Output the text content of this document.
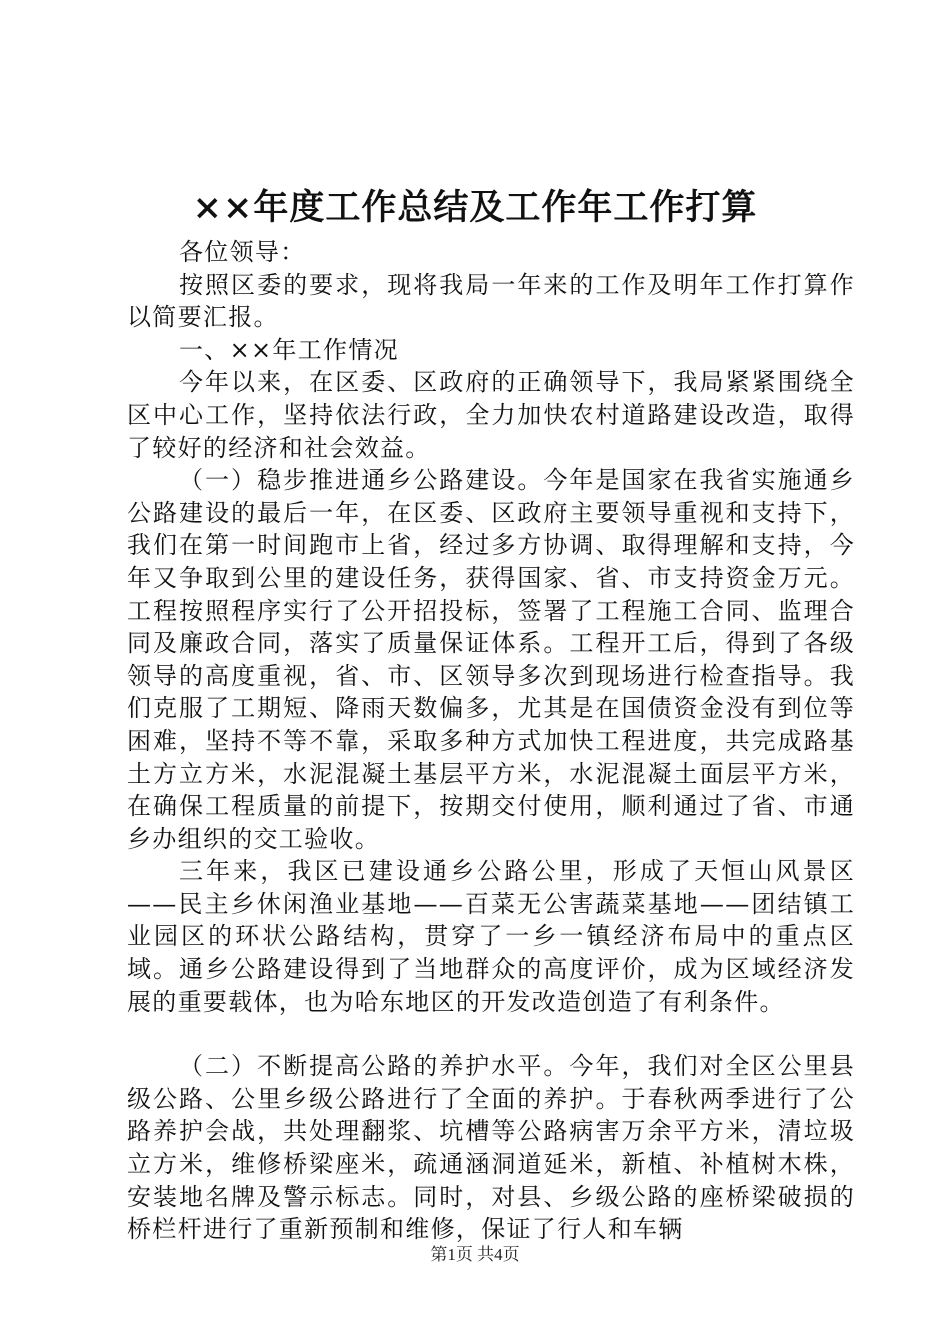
××年度工作总结及工作年工作打算

各位领导：

按照区委的要求，现将我局一年来的工作及明年工作打算作以简要汇报。

一、××年工作情况

今年以来，在区委、区政府的正确领导下，我局紧紧围绕全区中心工作，坚持依法行政，全力加快农村道路建设改造，取得了较好的经济和社会效益。

（一）稳步推进通乡公路建设。今年是国家在我省实施通乡公路建设的最后一年，在区委、区政府主要领导重视和支持下，我们在第一时间跑市上省，经过多方协调、取得理解和支持，今年又争取到公里的建设任务，获得国家、省、市支持资金万元。工程按照程序实行了公开招投标，签署了工程施工合同、监理合同及廉政合同，落实了质量保证体系。工程开工后，得到了各级领导的高度重视，省、市、区领导多次到现场进行检查指导。我们克服了工期短、降雨天数偏多，尤其是在国债资金没有到位等困难，坚持不等不靠，采取多种方式加快工程进度，共完成路基土方立方米，水泥混凝土基层平方米，水泥混凝土面层平方米，在确保工程质量的前提下，按期交付使用，顺利通过了省、市通乡办组织的交工验收。

三年来，我区已建设通乡公路公里，形成了天恒山风景区——民主乡休闲渔业基地——百菜无公害蔬菜基地——团结镇工业园区的环状公路结构，贯穿了一乡一镇经济布局中的重点区域。通乡公路建设得到了当地群众的高度评价，成为区域经济发展的重要载体，也为哈东地区的开发改造创造了有利条件。

（二）不断提高公路的养护水平。今年，我们对全区公里县级公路、公里乡级公路进行了全面的养护。于春秋两季进行了公路养护会战，共处理翻浆、坑槽等公路病害万余平方米，清垃圾立方米，维修桥梁座米，疏通涵洞道延米，新植、补植树木株，安装地名牌及警示标志。同时，对县、乡级公路的座桥梁破损的桥栏杆进行了重新预制和维修，保证了行人和车辆

第1页 共4页
